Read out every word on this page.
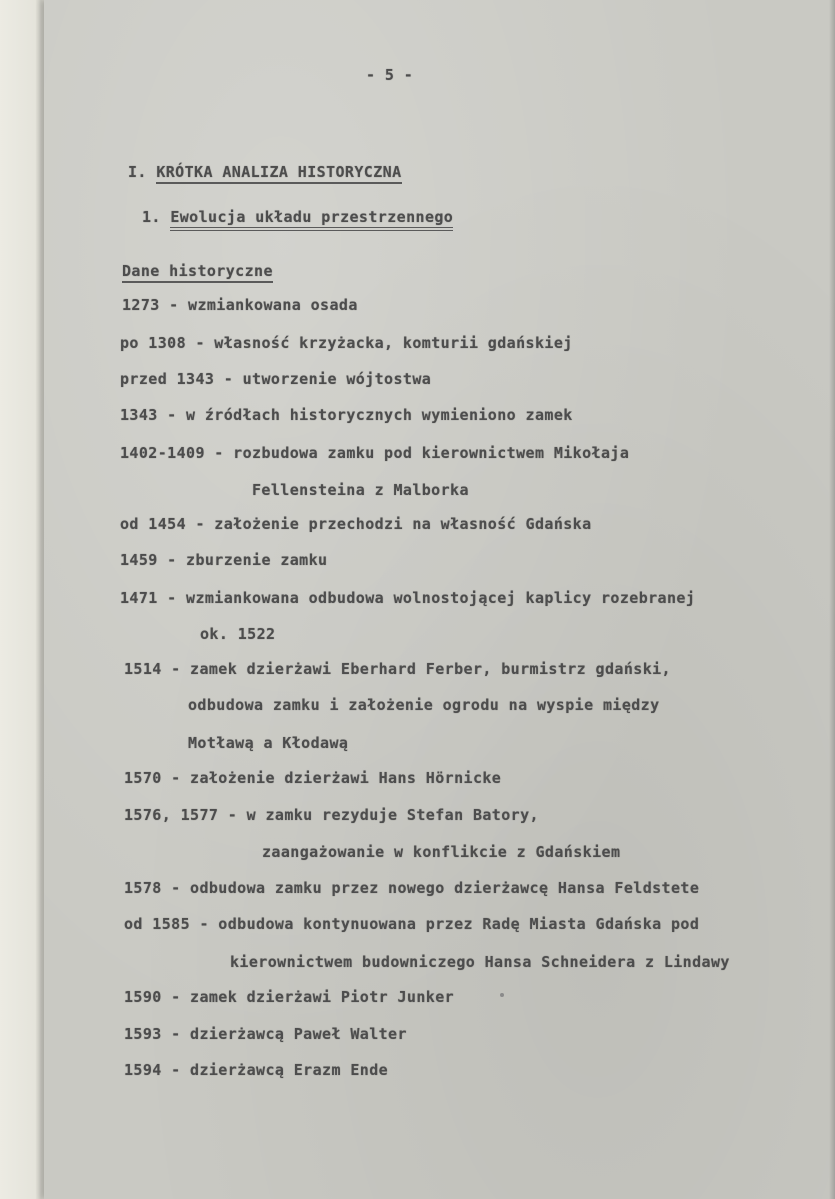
- 5 -
I. KRÓTKA ANALIZA HISTORYCZNA
1. Ewolucja układu przestrzennego
Dane historyczne
1273 - wzmiankowana osada
po 1308 - własność krzyżacka, komturii gdańskiej
przed 1343 - utworzenie wójtostwa
1343 - w źródłach historycznych wymieniono zamek
1402-1409 - rozbudowa zamku pod kierownictwem Mikołaja
Fellensteina z Malborka
od 1454 - założenie przechodzi na własność Gdańska
1459 - zburzenie zamku
1471 - wzmiankowana odbudowa wolnostojącej kaplicy rozebranej
ok. 1522
1514 - zamek dzierżawi Eberhard Ferber, burmistrz gdański,
odbudowa zamku i założenie ogrodu na wyspie między
Motławą a Kłodawą
1570 - założenie dzierżawi Hans Hörnicke
1576, 1577 - w zamku rezyduje Stefan Batory,
zaangażowanie w konflikcie z Gdańskiem
1578 - odbudowa zamku przez nowego dzierżawcę Hansa Feldstete
od 1585 - odbudowa kontynuowana przez Radę Miasta Gdańska pod
kierownictwem budowniczego Hansa Schneidera z Lindawy
1590 - zamek dzierżawi Piotr Junker
1593 - dzierżawcą Paweł Walter
1594 - dzierżawcą Erazm Ende
